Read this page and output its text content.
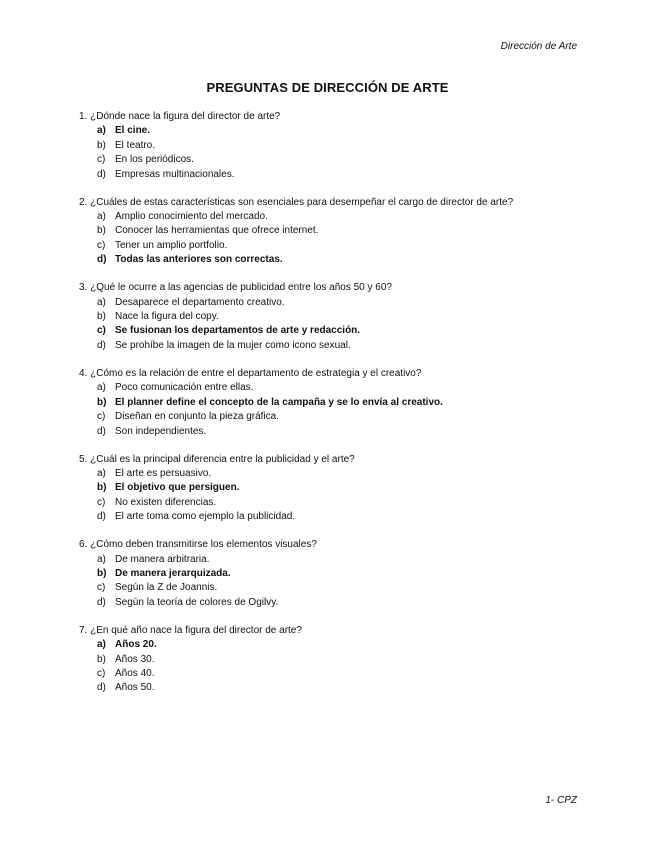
Dirección de Arte
PREGUNTAS DE DIRECCIÓN DE ARTE
1. ¿Dónde nace la figura del director de arte?
a) El cine.
b) El teatro.
c) En los periódicos.
d) Empresas multinacionales.
2. ¿Cuáles de estas características son esenciales para desempeñar el cargo de director de arte?
a) Amplio conocimiento del mercado.
b) Conocer las herramientas que ofrece internet.
c) Tener un amplio portfolio.
d) Todas las anteriores son correctas.
3. ¿Qué le ocurre a las agencias de publicidad entre los años 50 y 60?
a) Desaparece el departamento creativo.
b) Nace la figura del copy.
c) Se fusionan los departamentos de arte y redacción.
d) Se prohíbe la imagen de la mujer como icono sexual.
4. ¿Cómo es la relación de entre el departamento de estrategia y el creativo?
a) Poco comunicación entre ellas.
b) El planner define el concepto de la campaña y se lo envía al creativo.
c) Diseñan en conjunto la pieza gráfica.
d) Son independientes.
5. ¿Cuál es la principal diferencia entre la publicidad y el arte?
a) El arte es persuasivo.
b) El objetivo que persiguen.
c) No existen diferencias.
d) El arte toma como ejemplo la publicidad.
6. ¿Cómo deben transmitirse los elementos visuales?
a) De manera arbitraria.
b) De manera jerarquizada.
c) Según la Z de Joannis.
d) Según la teoría de colores de Ogilvy.
7. ¿En qué año nace la figura del director de arte?
a) Años 20.
b) Años 30.
c) Años 40.
d) Años 50.
1- CPZ
